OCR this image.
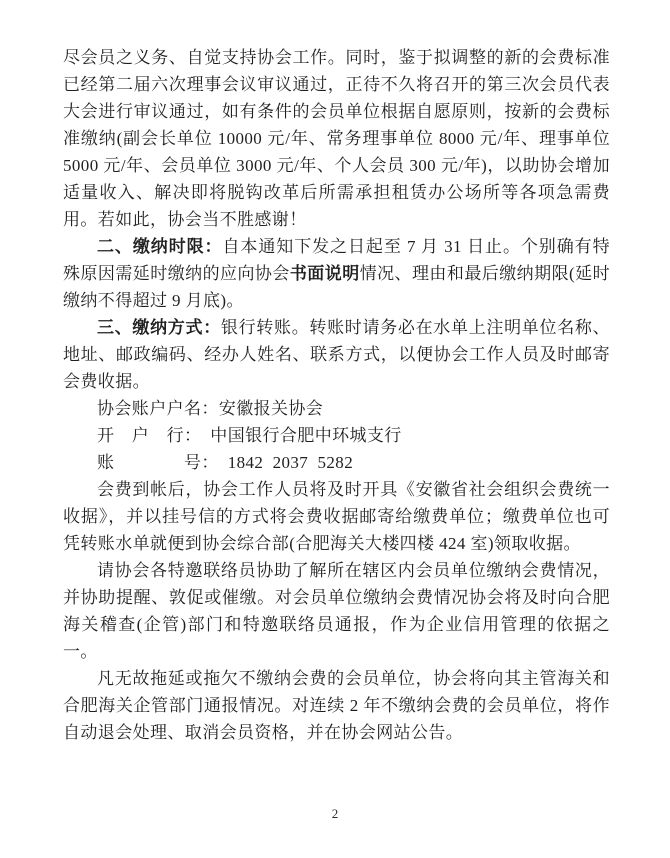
尽会员之义务、自觉支持协会工作。同时，鉴于拟调整的新的会费标准已经第二届六次理事会议审议通过，正待不久将召开的第三次会员代表大会进行审议通过，如有条件的会员单位根据自愿原则，按新的会费标准缴纳(副会长单位 10000 元/年、常务理事单位 8000 元/年、理事单位 5000 元/年、会员单位 3000 元/年、个人会员 300 元/年)，以助协会增加适量收入、解决即将脱钩改革后所需承担租赁办公场所等各项急需费用。若如此，协会当不胜感谢！

二、缴纳时限：自本通知下发之日起至 7 月 31 日止。个别确有特殊原因需延时缴纳的应向协会书面说明情况、理由和最后缴纳期限(延时缴纳不得超过 9 月底)。

三、缴纳方式：银行转账。转账时请务必在水单上注明单位名称、地址、邮政编码、经办人姓名、联系方式，以便协会工作人员及时邮寄会费收据。

协会账户户名：安徽报关协会

开　户　行：　中国银行合肥中环城支行

账　　　　号：　1842  2037  5282

会费到帐后，协会工作人员将及时开具《安徽省社会组织会费统一收据》，并以挂号信的方式将会费收据邮寄给缴费单位；缴费单位也可凭转账水单就便到协会综合部(合肥海关大楼四楼 424 室)领取收据。

请协会各特邀联络员协助了解所在辖区内会员单位缴纳会费情况，并协助提醒、敦促或催缴。对会员单位缴纳会费情况协会将及时向合肥海关稽查(企管)部门和特邀联络员通报，作为企业信用管理的依据之一。

凡无故拖延或拖欠不缴纳会费的会员单位，协会将向其主管海关和合肥海关企管部门通报情况。对连续 2 年不缴纳会费的会员单位，将作自动退会处理、取消会员资格，并在协会网站公告。

2
